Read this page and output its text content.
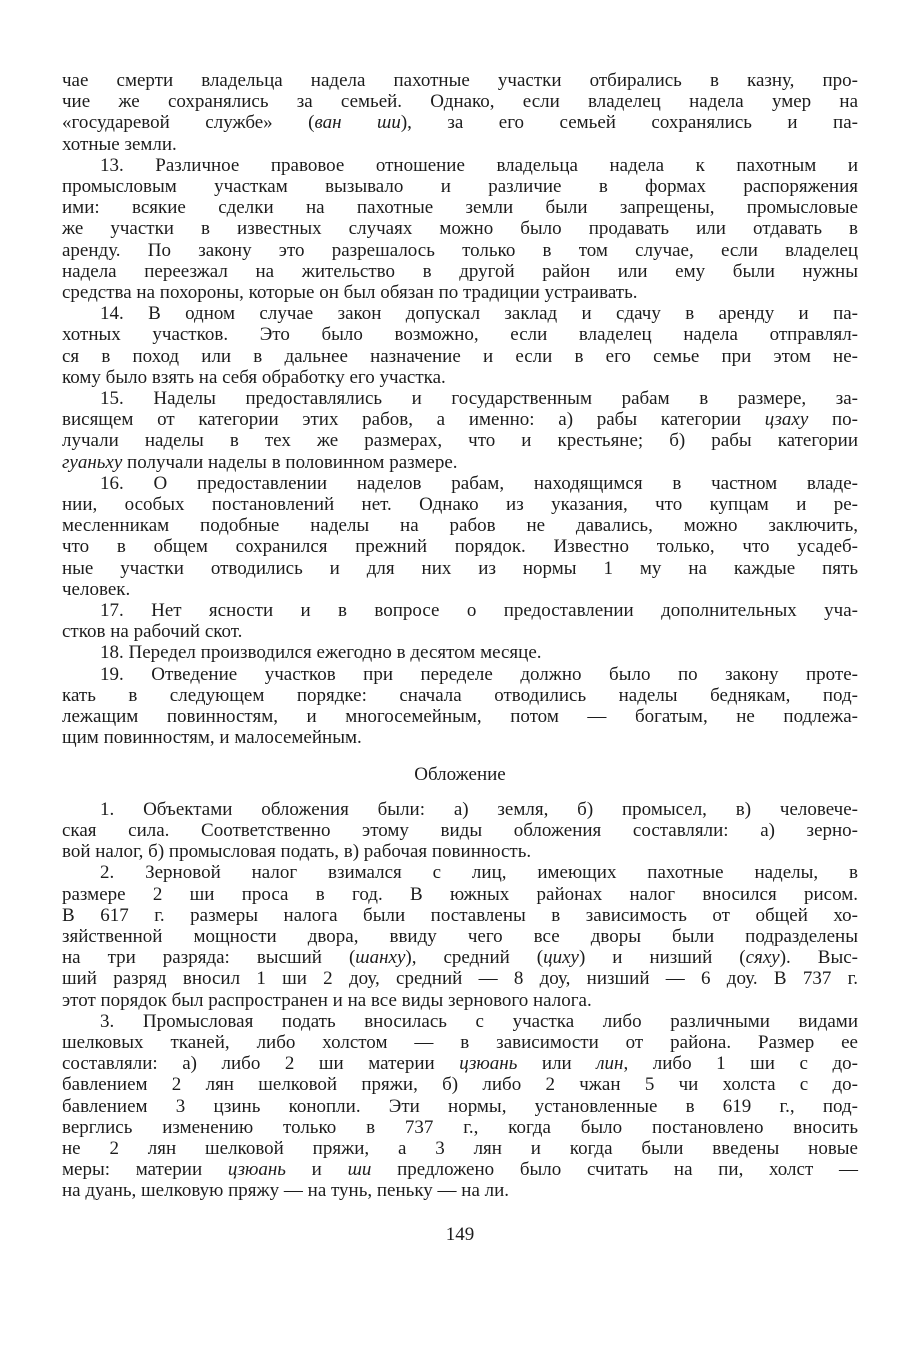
чае смерти владельца надела пахотные участки отбирались в казну, про-
чие же сохранялись за семьей. Однако, если владелец надела умер на
«государевой службе» (ван ши), за его семьей сохранялись и па-
хотные земли.
13. Различное правовое отношение владельца надела к пахотным и
промысловым участкам вызывало и различие в формах распоряжения
ими: всякие сделки на пахотные земли были запрещены, промысловые
же участки в известных случаях можно было продавать или отдавать в
аренду. По закону это разрешалось только в том случае, если владелец
надела переезжал на жительство в другой район или ему были нужны
средства на похороны, которые он был обязан по традиции устраивать.
14. В одном случае закон допускал заклад и сдачу в аренду и па-
хотных участков. Это было возможно, если владелец надела отправлял-
ся в поход или в дальнее назначение и если в его семье при этом не-
кому было взять на себя обработку его участка.
15. Наделы предоставлялись и государственным рабам в размере, за-
висящем от категории этих рабов, а именно: а) рабы категории цзаху по-
лучали наделы в тех же размерах, что и крестьяне; б) рабы категории
гуаньху получали наделы в половинном размере.
16. О предоставлении наделов рабам, находящимся в частном владе-
нии, особых постановлений нет. Однако из указания, что купцам и ре-
месленникам подобные наделы на рабов не давались, можно заключить,
что в общем сохранился прежний порядок. Известно только, что усадеб-
ные участки отводились и для них из нормы 1 му на каждые пять
человек.
17. Нет ясности и в вопросе о предоставлении дополнительных уча-
стков на рабочий скот.
18. Передел производился ежегодно в десятом месяце.
19. Отведение участков при переделе должно было по закону проте-
кать в следующем порядке: сначала отводились наделы беднякам, под-
лежащим повинностям, и многосемейным, потом — богатым, не подлежа-
щим повинностям, и малосемейным.
Обложение
1. Объектами обложения были: а) земля, б) промысел, в) человече-
ская сила. Соответственно этому виды обложения составляли: а) зерно-
вой налог, б) промысловая подать, в) рабочая повинность.
2. Зерновой налог взимался с лиц, имеющих пахотные наделы, в
размере 2 ши проса в год. В южных районах налог вносился рисом.
В 617 г. размеры налога были поставлены в зависимость от общей хо-
зяйственной мощности двора, ввиду чего все дворы были подразделены
на три разряда: высший (шанху), средний (циху) и низший (сяху). Выс-
ший разряд вносил 1 ши 2 доу, средний — 8 доу, низший — 6 доу. В 737 г.
этот порядок был распространен и на все виды зернового налога.
3. Промысловая подать вносилась с участка либо различными видами
шелковых тканей, либо холстом — в зависимости от района. Размер ее
составляли: а) либо 2 ши материи цзюань или лин, либо 1 ши с до-
бавлением 2 лян шелковой пряжи, б) либо 2 чжан 5 чи холста с до-
бавлением 3 цзинь конопли. Эти нормы, установленные в 619 г., под-
верглись изменению только в 737 г., когда было постановлено вносить
не 2 лян шелковой пряжи, а 3 лян и когда были введены новые
меры: материи цзюань и ши предложено было считать на пи, холст —
на дуань, шелковую пряжу — на тунь, пеньку — на ли.
149
